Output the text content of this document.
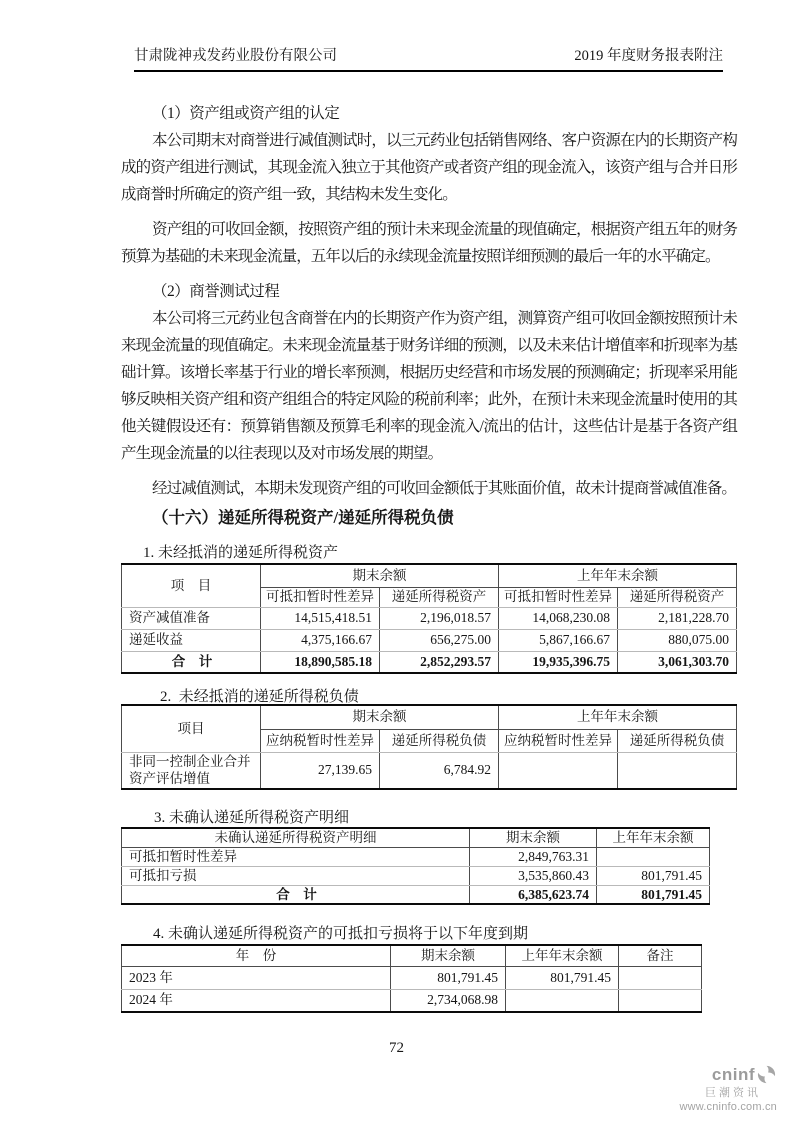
甘肃陇神戎发药业股份有限公司	2019 年度财务报表附注

（1）资产组或资产组的认定

本公司期末对商誉进行减值测试时，以三元药业包括销售网络、客户资源在内的长期资产构成的资产组进行测试，其现金流入独立于其他资产或者资产组的现金流入，该资产组与合并日形成商誉时所确定的资产组一致，其结构未发生变化。

资产组的可收回金额，按照资产组的预计未来现金流量的现值确定，根据资产组五年的财务预算为基础的未来现金流量，五年以后的永续现金流量按照详细预测的最后一年的水平确定。

（2）商誉测试过程

本公司将三元药业包含商誉在内的长期资产作为资产组，测算资产组可收回金额按照预计未来现金流量的现值确定。未来现金流量基于财务详细的预测，以及未来估计增值率和折现率为基础计算。该增长率基于行业的增长率预测，根据历史经营和市场发展的预测确定；折现率采用能够反映相关资产组和资产组组合的特定风险的税前利率；此外，在预计未来现金流量时使用的其他关键假设还有：预算销售额及预算毛利率的现金流入/流出的估计，这些估计是基于各资产组产生现金流量的以往表现以及对市场发展的期望。

经过减值测试，本期未发现资产组的可收回金额低于其账面价值，故未计提商誉减值准备。

（十六）递延所得税资产/递延所得税负债

1. 未经抵消的递延所得税资产

项　目	期末余额		上年年末余额	
	可抵扣暂时性差异	递延所得税资产	可抵扣暂时性差异	递延所得税资产
资产减值准备	14,515,418.51	2,196,018.57	14,068,230.08	2,181,228.70
递延收益	4,375,166.67	656,275.00	5,867,166.67	880,075.00
合　计	18,890,585.18	2,852,293.57	19,935,396.75	3,061,303.70

2.  未经抵消的递延所得税负债

项目	期末余额		上年年末余额	
	应纳税暂时性差异	递延所得税负债	应纳税暂时性差异	递延所得税负债
非同一控制企业合并资产评估增值	27,139.65	6,784.92		

3. 未确认递延所得税资产明细

未确认递延所得税资产明细	期末余额	上年年末余额
可抵扣暂时性差异	2,849,763.31	
可抵扣亏损	3,535,860.43	801,791.45
合　计	6,385,623.74	801,791.45

4. 未确认递延所得税资产的可抵扣亏损将于以下年度到期

年　份	期末余额	上年年末余额	备注
2023 年	801,791.45	801,791.45	
2024 年	2,734,068.98		
72
cninf
巨潮资讯
www.cninfo.com.cn
